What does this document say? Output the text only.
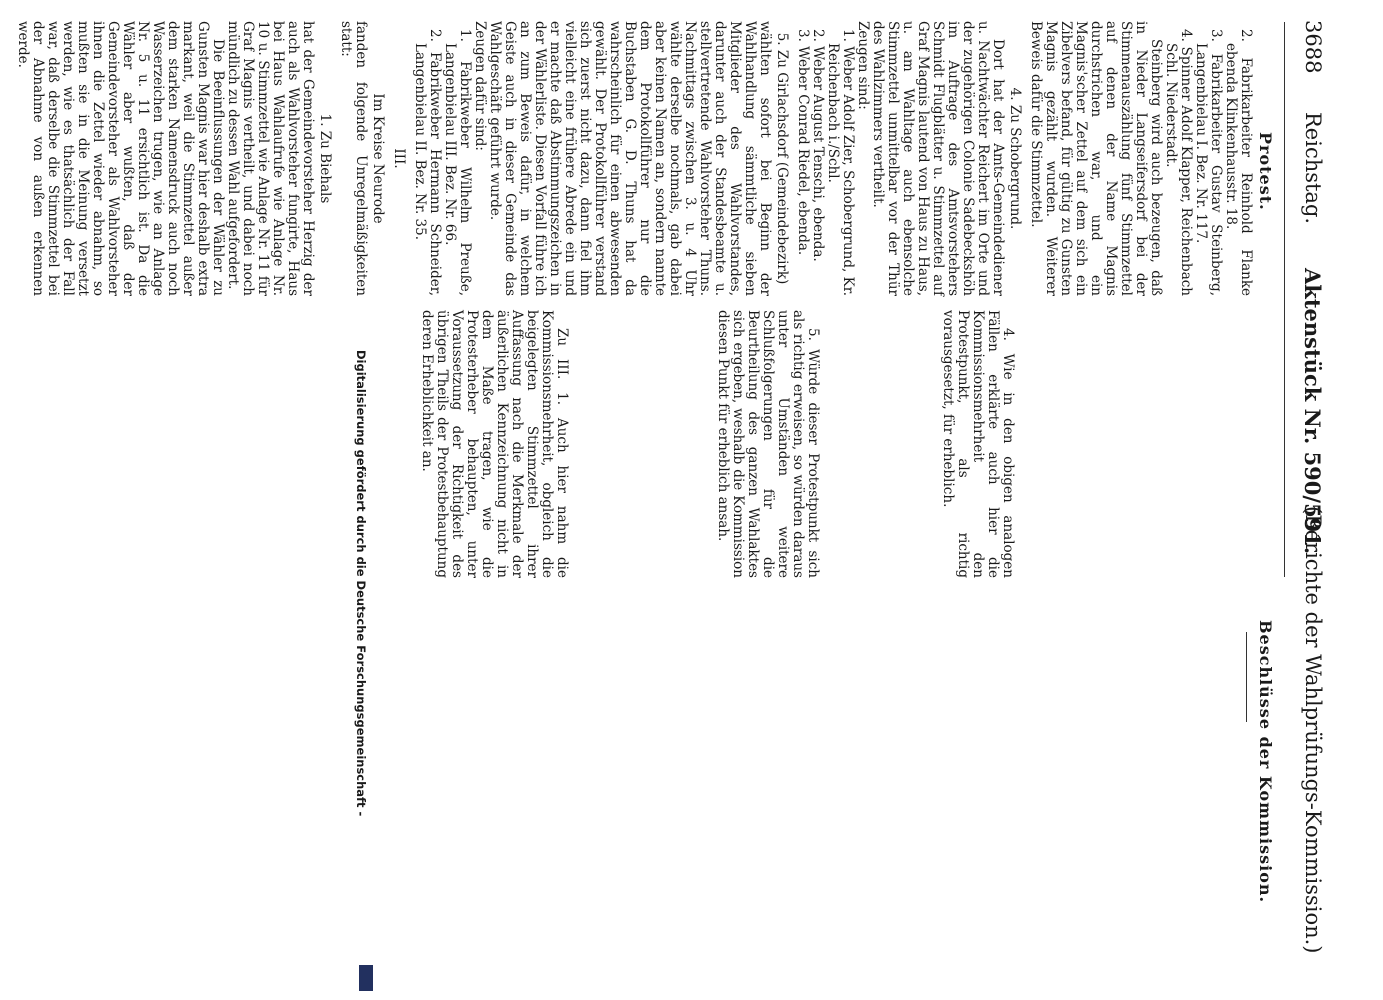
3688
Reichstag.
Aktenstück Nr. 590/591.
(Berichte der Wahlprüfungs-Kommission.)
Protest.
Beschlüsse der Kommission.

2. Fabrikarbeiter Reinhold Flanke ebenda Klinkenhausstr. 18.

3. Fabrikarbeiter Gustav Steinberg, Langenbielau I. Bez. Nr. 117.

4. Spinner Adolf Klapper, Reichenbach Schl. Niederstadt.

Steinberg wird auch bezeugen, daß in Nieder Langseifersdorf bei der Stimmenauszählung fünf Stimmzettel auf denen der Name Magnis durchstrichen war, und ein Magnis'scher Zettel auf dem sich ein Zibelvers befand, für gültig zu Gunsten Magnis gezählt wurden. Weiterer Beweis dafür die Stimmzettel.

4. Zu Schobergrund.

Dort hat der Amts-Gemeindediener u. Nachtwächter Reichert im Orte und der zugehörigen Colonie Sadebeckshöh im Auftrage des Amtsvorstehers Schmidt Flugblätter u. Stimmzettel auf Graf Magnis lautend von Haus zu Haus, u. am Wahltage auch ebensolche Stimmzettel unmittelbar vor der Thür des Wahlzimmers vertheilt.

Zeugen sind:

1. Weber Adolf Zier, Schobergrund, Kr. Reichenbach i./Schl.

2. Weber August Tenschi, ebenda.

3. Weber Conrad Riedel, ebenda.

5. Zu Girlachsdorf (Gemeindebezirk)

wählten sofort bei Beginn der Wahlhandlung sämmtliche sieben Mitglieder des Wahlvorstandes, darunter auch der Standesbeamte u. stellvertretende Wahlvorsteher Thuns. Nachmittags zwischen 3. u. 4 Uhr wählte derselbe nochmals, gab dabei aber keinen Namen an, sondern nannte dem Protokollführer nur die Buchstaben G. D. Thuns hat da wahrscheinlich für einen abwesenden gewählt. Der Protokollführer verstand sich zuerst nicht dazu, dann fiel ihm vielleicht eine frühere Abrede ein und er machte daß Abstimmungszeichen in der Wählerliste. Diesen Vorfall führe ich an zum Beweis dafür, in welchem Geiste auch in dieser Gemeinde das Wahlgeschäft geführt wurde.

Zeugen dafür sind:

1. Fabrikweber Wilhelm Preuße, Langenbielau III. Bez. Nr. 66.

2. Fabrikweber Hermann Schneider, Langenbielau II. Bez. Nr. 35.

III.

Im Kreise Neurode

fanden folgende Unregelmäßigkeiten statt:

1. Zu Biehals

hat der Gemeindevorsteher Herzig der auch als Wahlvorsteher fungirte, Haus bei Haus Wahlaufrufe wie Anlage Nr. 10 u. Stimmzettel wie Anlage Nr. 11 für Graf Magnis vertheilt, und dabei noch mündlich zu dessen Wahl aufgefordert.

Die Beeinflussungen der Wähler zu Gunsten Magnis war hier deshalb extra markant, weil die Stimmzettel außer dem starken Namensdruck auch noch Wasserzeichen trugen, wie an Anlage Nr. 5 u. 11 ersichtlich ist. Da die Wähler aber wußten, daß der Gemeindevorsteher als Wahlvorsteher ihnen die Zettel wieder abnahm, so mußten sie in die Meinung versetzt werden, wie es thatsächlich der Fall war, daß derselbe die Stimmzettel bei der Abnahme von außen erkennen werde.

4. Wie in den obigen analogen Fällen erklärte auch hier die Kommissionsmehrheit den Protestpunkt, als richtig vorausgesetzt, für erheblich.

5. Würde dieser Protestpunkt sich als richtig erweisen, so würden daraus unter Umständen weitere Schlußfolgerungen für die Beurtheilung des ganzen Wahlaktes sich ergeben, weshalb die Kommission diesen Punkt für erheblich ansah.

Zu III. 1. Auch hier nahm die Kommissionsmehrheit, obgleich die beigelegten Stimmzettel ihrer Auffassung nach die Merkmale der äußerlichen Kennzeichnung nicht in dem Maße tragen, wie die Protesterheber behaupten, unter Voraussetzung der Richtigkeit des übrigen Theils der Protestbehauptung deren Erheblichkeit an.

Digitalisierung gefördert durch die Deutsche Forschungsgemeinschaft -
